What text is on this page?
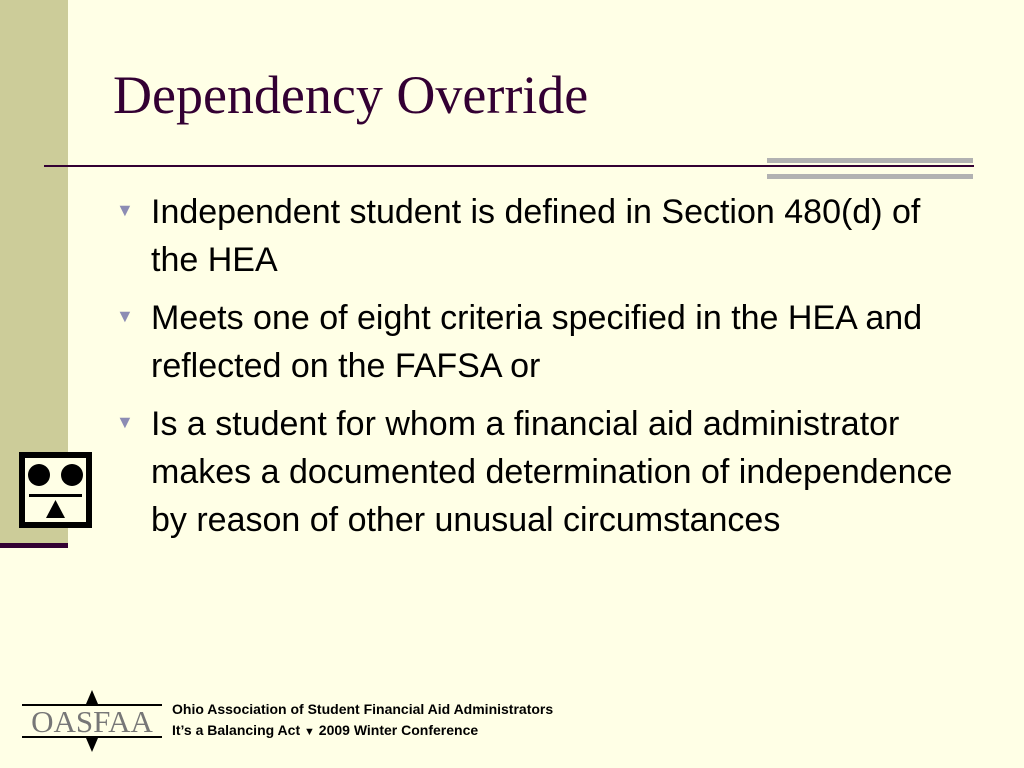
Dependency Override
▼ Independent student is defined in Section 480(d) of the HEA
▼ Meets one of eight criteria specified in the HEA and reflected on the FAFSA or
▼ Is a student for whom a financial aid administrator makes a documented determination of independence by reason of other unusual circumstances
OASFAA Ohio Association of Student Financial Aid Administrators
It’s a Balancing Act ▼ 2009 Winter Conference
